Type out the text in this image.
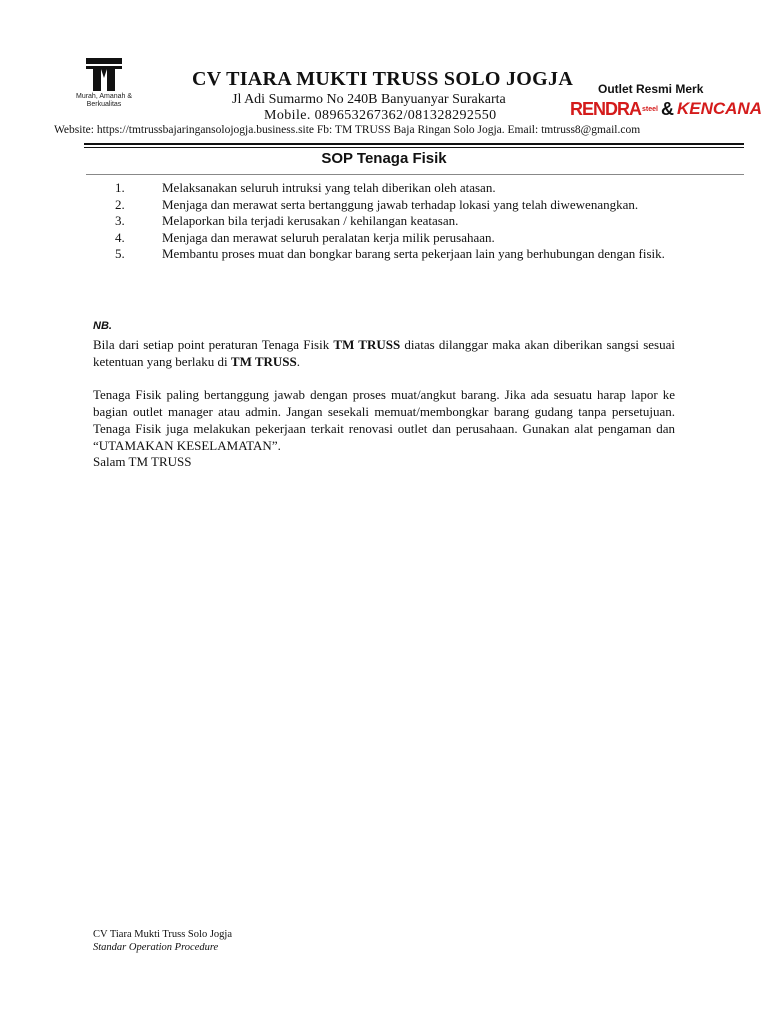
Murah, Amanah & Berkualitas
CV TIARA MUKTI TRUSS SOLO JOGJA
Jl Adi Sumarmo No 240B Banyuanyar Surakarta
Mobile. 089653267362/081328292550
Outlet Resmi Merk
RENDRA steel & KENCANA
Website: https://tmtrussbajaringansolojogja.business.site Fb: TM TRUSS Baja Ringan Solo Jogja. Email: tmtruss8@gmail.com
SOP Tenaga Fisik
1.	Melaksanakan seluruh intruksi yang telah diberikan oleh atasan.
2.	Menjaga dan merawat serta bertanggung jawab terhadap lokasi yang telah diwewenangkan.
3.	Melaporkan bila terjadi kerusakan / kehilangan keatasan.
4.	Menjaga dan merawat seluruh peralatan kerja milik perusahaan.
5.	Membantu proses muat dan bongkar barang serta pekerjaan lain yang berhubungan dengan fisik.
NB.
Bila dari setiap point peraturan Tenaga Fisik TM TRUSS diatas dilanggar maka akan diberikan sangsi sesuai ketentuan yang berlaku di TM TRUSS.
Tenaga Fisik paling bertanggung jawab dengan proses muat/angkut barang. Jika ada sesuatu harap lapor ke bagian outlet manager atau admin. Jangan sesekali memuat/membongkar barang gudang tanpa persetujuan. Tenaga Fisik juga melakukan pekerjaan terkait renovasi outlet dan perusahaan. Gunakan alat pengaman dan “UTAMAKAN KESELAMATAN”.
Salam TM TRUSS
CV Tiara Mukti Truss Solo Jogja
Standar Operation Procedure
